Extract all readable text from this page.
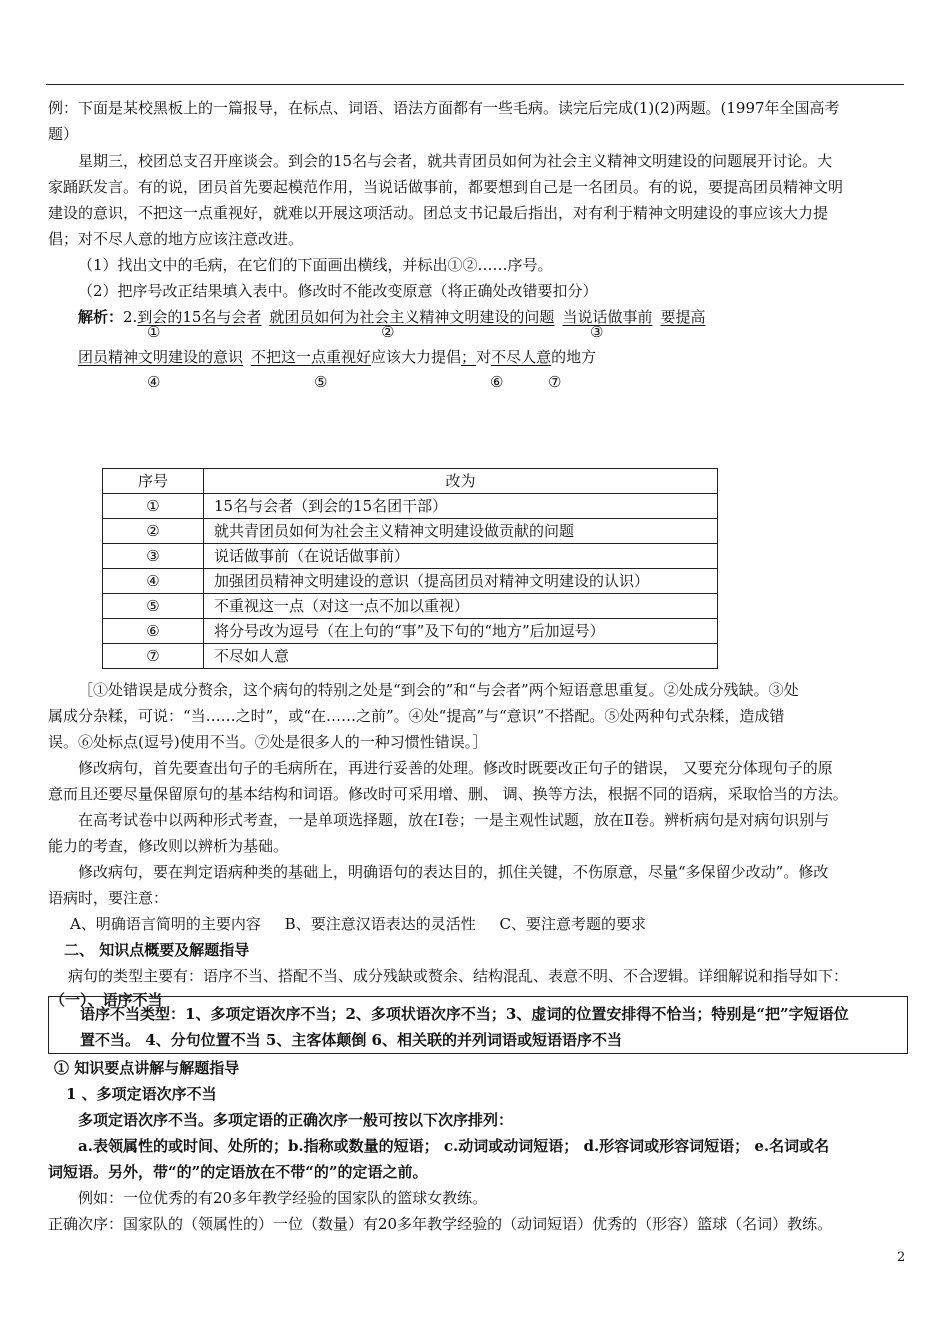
例：下面是某校黑板上的一篇报导，在标点、词语、语法方面都有一些毛病。读完后完成(1)(2)两题。(1997年全国高考
题）
星期三，校团总支召开座谈会。到会的15名与会者，就共青团员如何为社会主义精神文明建设的问题展开讨论。大
家踊跃发言。有的说，团员首先要起模范作用，当说话做事前，都要想到自己是一名团员。有的说，要提高团员精神文明
建设的意识，不把这一点重视好，就难以开展这项活动。团总支书记最后指出，对有利于精神文明建设的事应该大力提
倡；对不尽人意的地方应该注意改进。
（1）找出文中的毛病，在它们的下面画出横线，并标出①②……序号。
（2）把序号改正结果填入表中。修改时不能改变原意（将正确处改错要扣分）
解析：2.到会的15名与会者 就团员如何为社会主义精神文明建设的问题 当说话做事前 要提高
①	②	③
团员精神文明建设的意识 不把这一点重视好应该大力提倡；对不尽人意的地方
④	⑤	⑥	⑦
序号	改为
①	15名与会者（到会的15名团干部）
②	就共青团员如何为社会主义精神文明建设做贡献的问题
③	说话做事前（在说话做事前）
④	加强团员精神文明建设的意识（提高团员对精神文明建设的认识）
⑤	不重视这一点（对这一点不加以重视）
⑥	将分号改为逗号（在上句的“事”及下句的“地方”后加逗号）
⑦	不尽如人意
［①处错误是成分赘余，这个病句的特别之处是“到会的”和“与会者”两个短语意思重复。②处成分残缺。③处
属成分杂糅，可说：“当……之时”，或“在……之前”。④处“提高”与“意识”不搭配。⑤处两种句式杂糅，造成错
误。⑥处标点(逗号)使用不当。⑦处是很多人的一种习惯性错误。］
修改病句，首先要查出句子的毛病所在，再进行妥善的处理。修改时既要改正句子的错误， 又要充分体现句子的原
意而且还要尽量保留原句的基本结构和词语。修改时可采用增、删、 调、换等方法，根据不同的语病，采取恰当的方法。
在高考试卷中以两种形式考查，一是单项选择题，放在Ⅰ卷；一是主观性试题，放在Ⅱ卷。辨析病句是对病句识别与
能力的考查，修改则以辨析为基础。
修改病句，要在判定语病种类的基础上，明确语句的表达目的，抓住关键，不伤原意，尽量“多保留少改动”。修改
语病时，要注意：
A、明确语言简明的主要内容     B、要注意汉语表达的灵活性     C、要注意考题的要求
二、 知识点概要及解题指导
病句的类型主要有：语序不当、搭配不当、成分残缺或赘余、结构混乱、表意不明、不合逻辑。详细解说和指导如下：
（一）、语序不当
语序不当类型：1、多项定语次序不当；2、多项状语次序不当；3、虚词的位置安排得不恰当；特别是“把”字短语位
置不当。 4、分句位置不当 5、主客体颠倒 6、相关联的并列词语或短语语序不当
① 知识要点讲解与解题指导
1 、多项定语次序不当
多项定语次序不当。多项定语的正确次序一般可按以下次序排列：
a.表领属性的或时间、处所的；b.指称或数量的短语； c.动词或动词短语； d.形容词或形容词短语； e.名词或名
词短语。另外，带“的”的定语放在不带“的”的定语之前。
例如：一位优秀的有20多年教学经验的国家队的篮球女教练。
正确次序：国家队的（领属性的）一位（数量）有20多年教学经验的（动词短语）优秀的（形容）篮球（名词）教练。
2
